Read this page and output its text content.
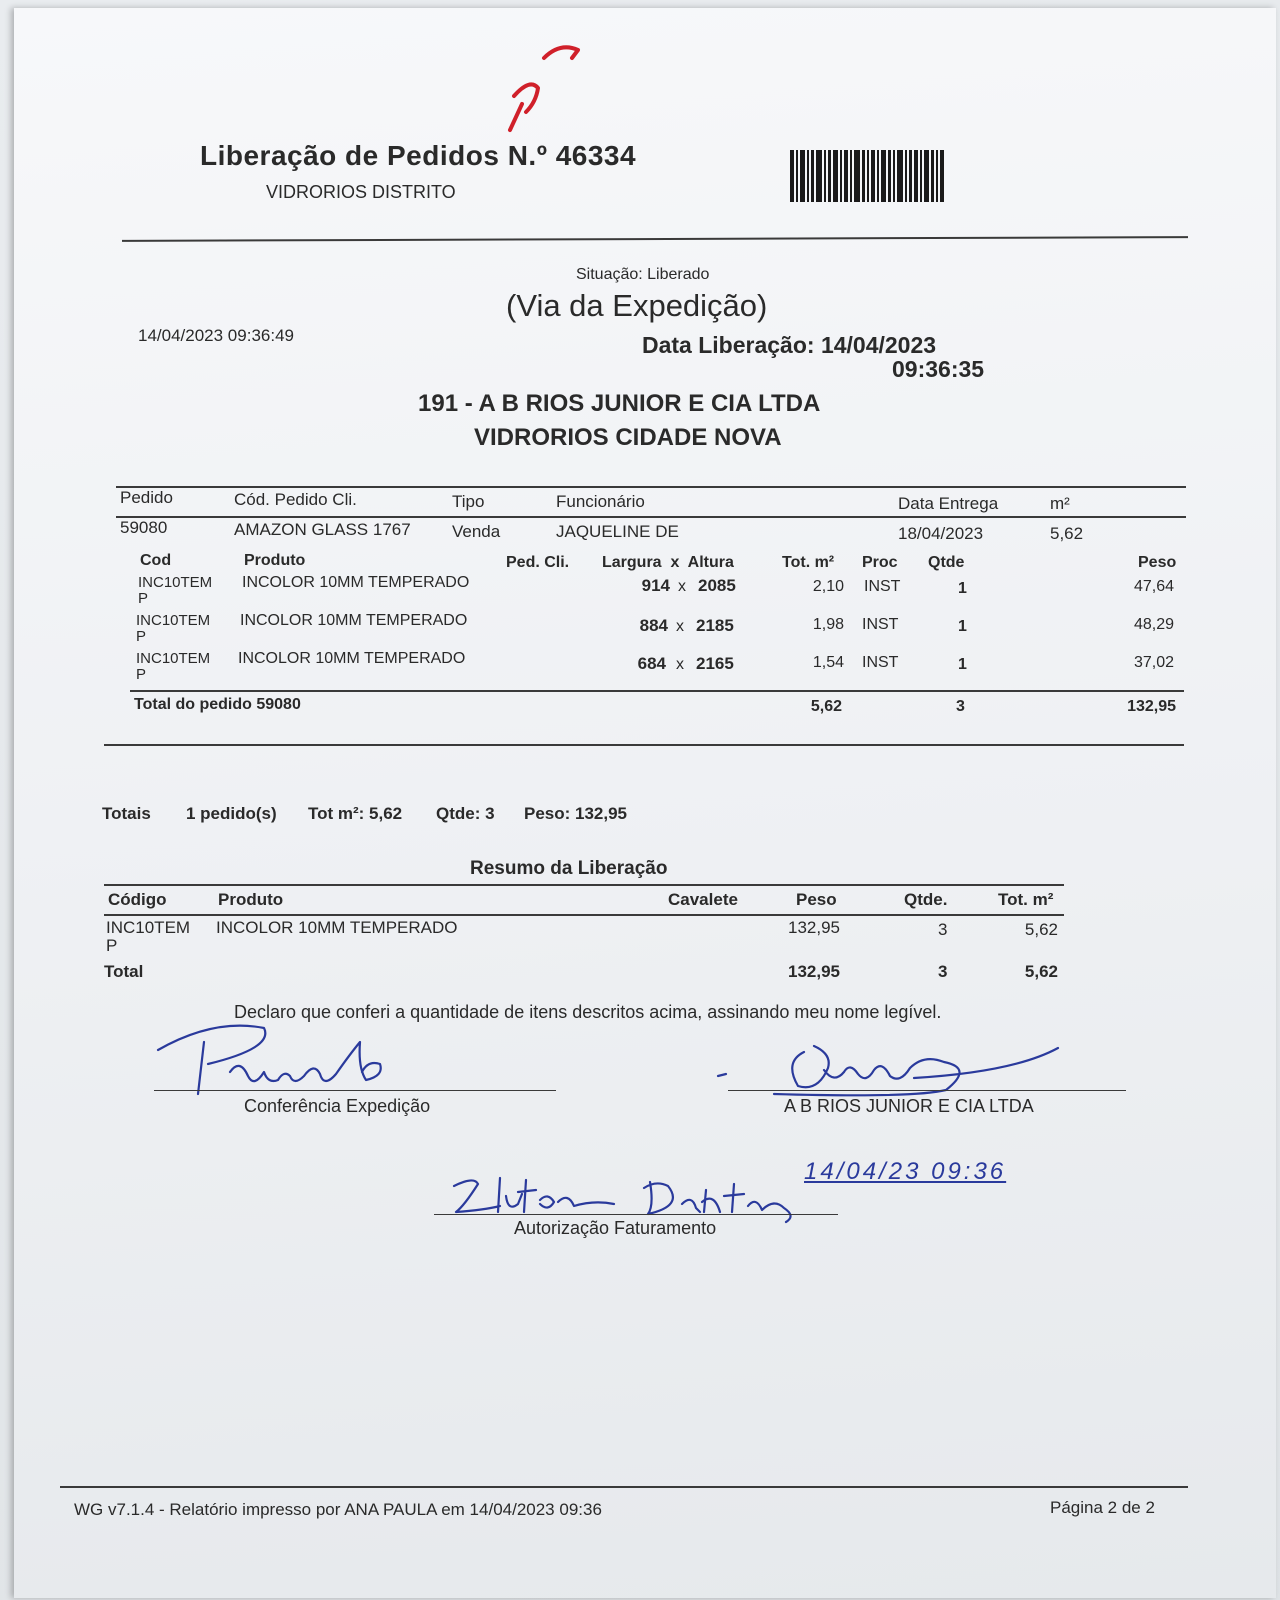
Liberação de Pedidos N.º 46334
VIDRORIOS DISTRITO
Situação: Liberado
(Via da Expedição)
14/04/2023 09:36:49	Data Liberação: 14/04/2023
09:36:35
191 - A B RIOS JUNIOR E CIA LTDA
VIDRORIOS CIDADE NOVA
Pedido	Cód. Pedido Cli.	Tipo	Funcionário	Data Entrega	m²
59080	AMAZON GLASS 1767 Venda	JAQUELINE DE	18/04/2023	5,62
Cod	Produto	Ped. Cli. Largura  x  Altura	Tot. m² Proc Qtde	Peso
INC10TEM
P
INCOLOR 10MM TEMPERADO	914 x 2085	2,10 INST	1	47,64
INC10TEM
P
INCOLOR 10MM TEMPERADO	884 x 2185	1,98 INST	1	48,29
INC10TEM
P
INCOLOR 10MM TEMPERADO	684 x 2165	1,54 INST	1	37,02
Total do pedido 59080	5,62	3	132,95
Totais 1 pedido(s) Tot m²: 5,62 Qtde: 3 Peso: 132,95
Resumo da Liberação
Código	Produto	Cavalete	Peso	Qtde.	Tot. m²
INC10TEM
P
INCOLOR 10MM TEMPERADO	132,95	3	5,62
Total	132,95	3	5,62
Declaro que conferi a quantidade de itens descritos acima, assinando meu nome legível.
Conferência Expedição	A B RIOS JUNIOR E CIA LTDA
14/04/23 09:36
Autorização Faturamento
WG v7.1.4 - Relatório impresso por ANA PAULA em 14/04/2023 09:36	Página 2 de 2
